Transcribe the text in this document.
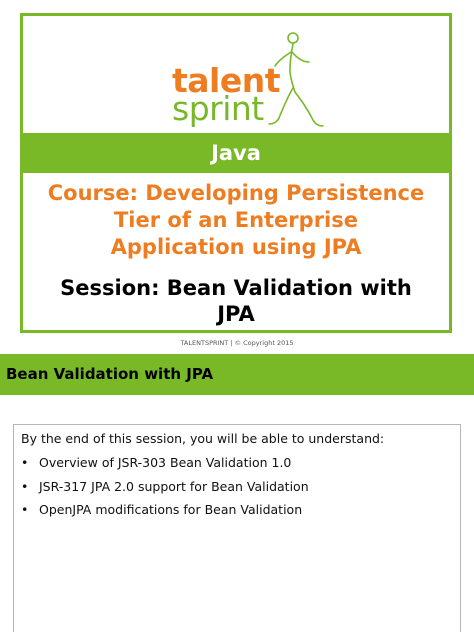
talent
sprint
Java
Course: Developing Persistence
Tier of an Enterprise
Application using JPA
Session: Bean Validation with
JPA
TALENTSPRINT | © Copyright 2015
Bean Validation with JPA
By the end of this session, you will be able to understand:
• Overview of JSR-303 Bean Validation 1.0
• JSR-317 JPA 2.0 support for Bean Validation
• OpenJPA modifications for Bean Validation
